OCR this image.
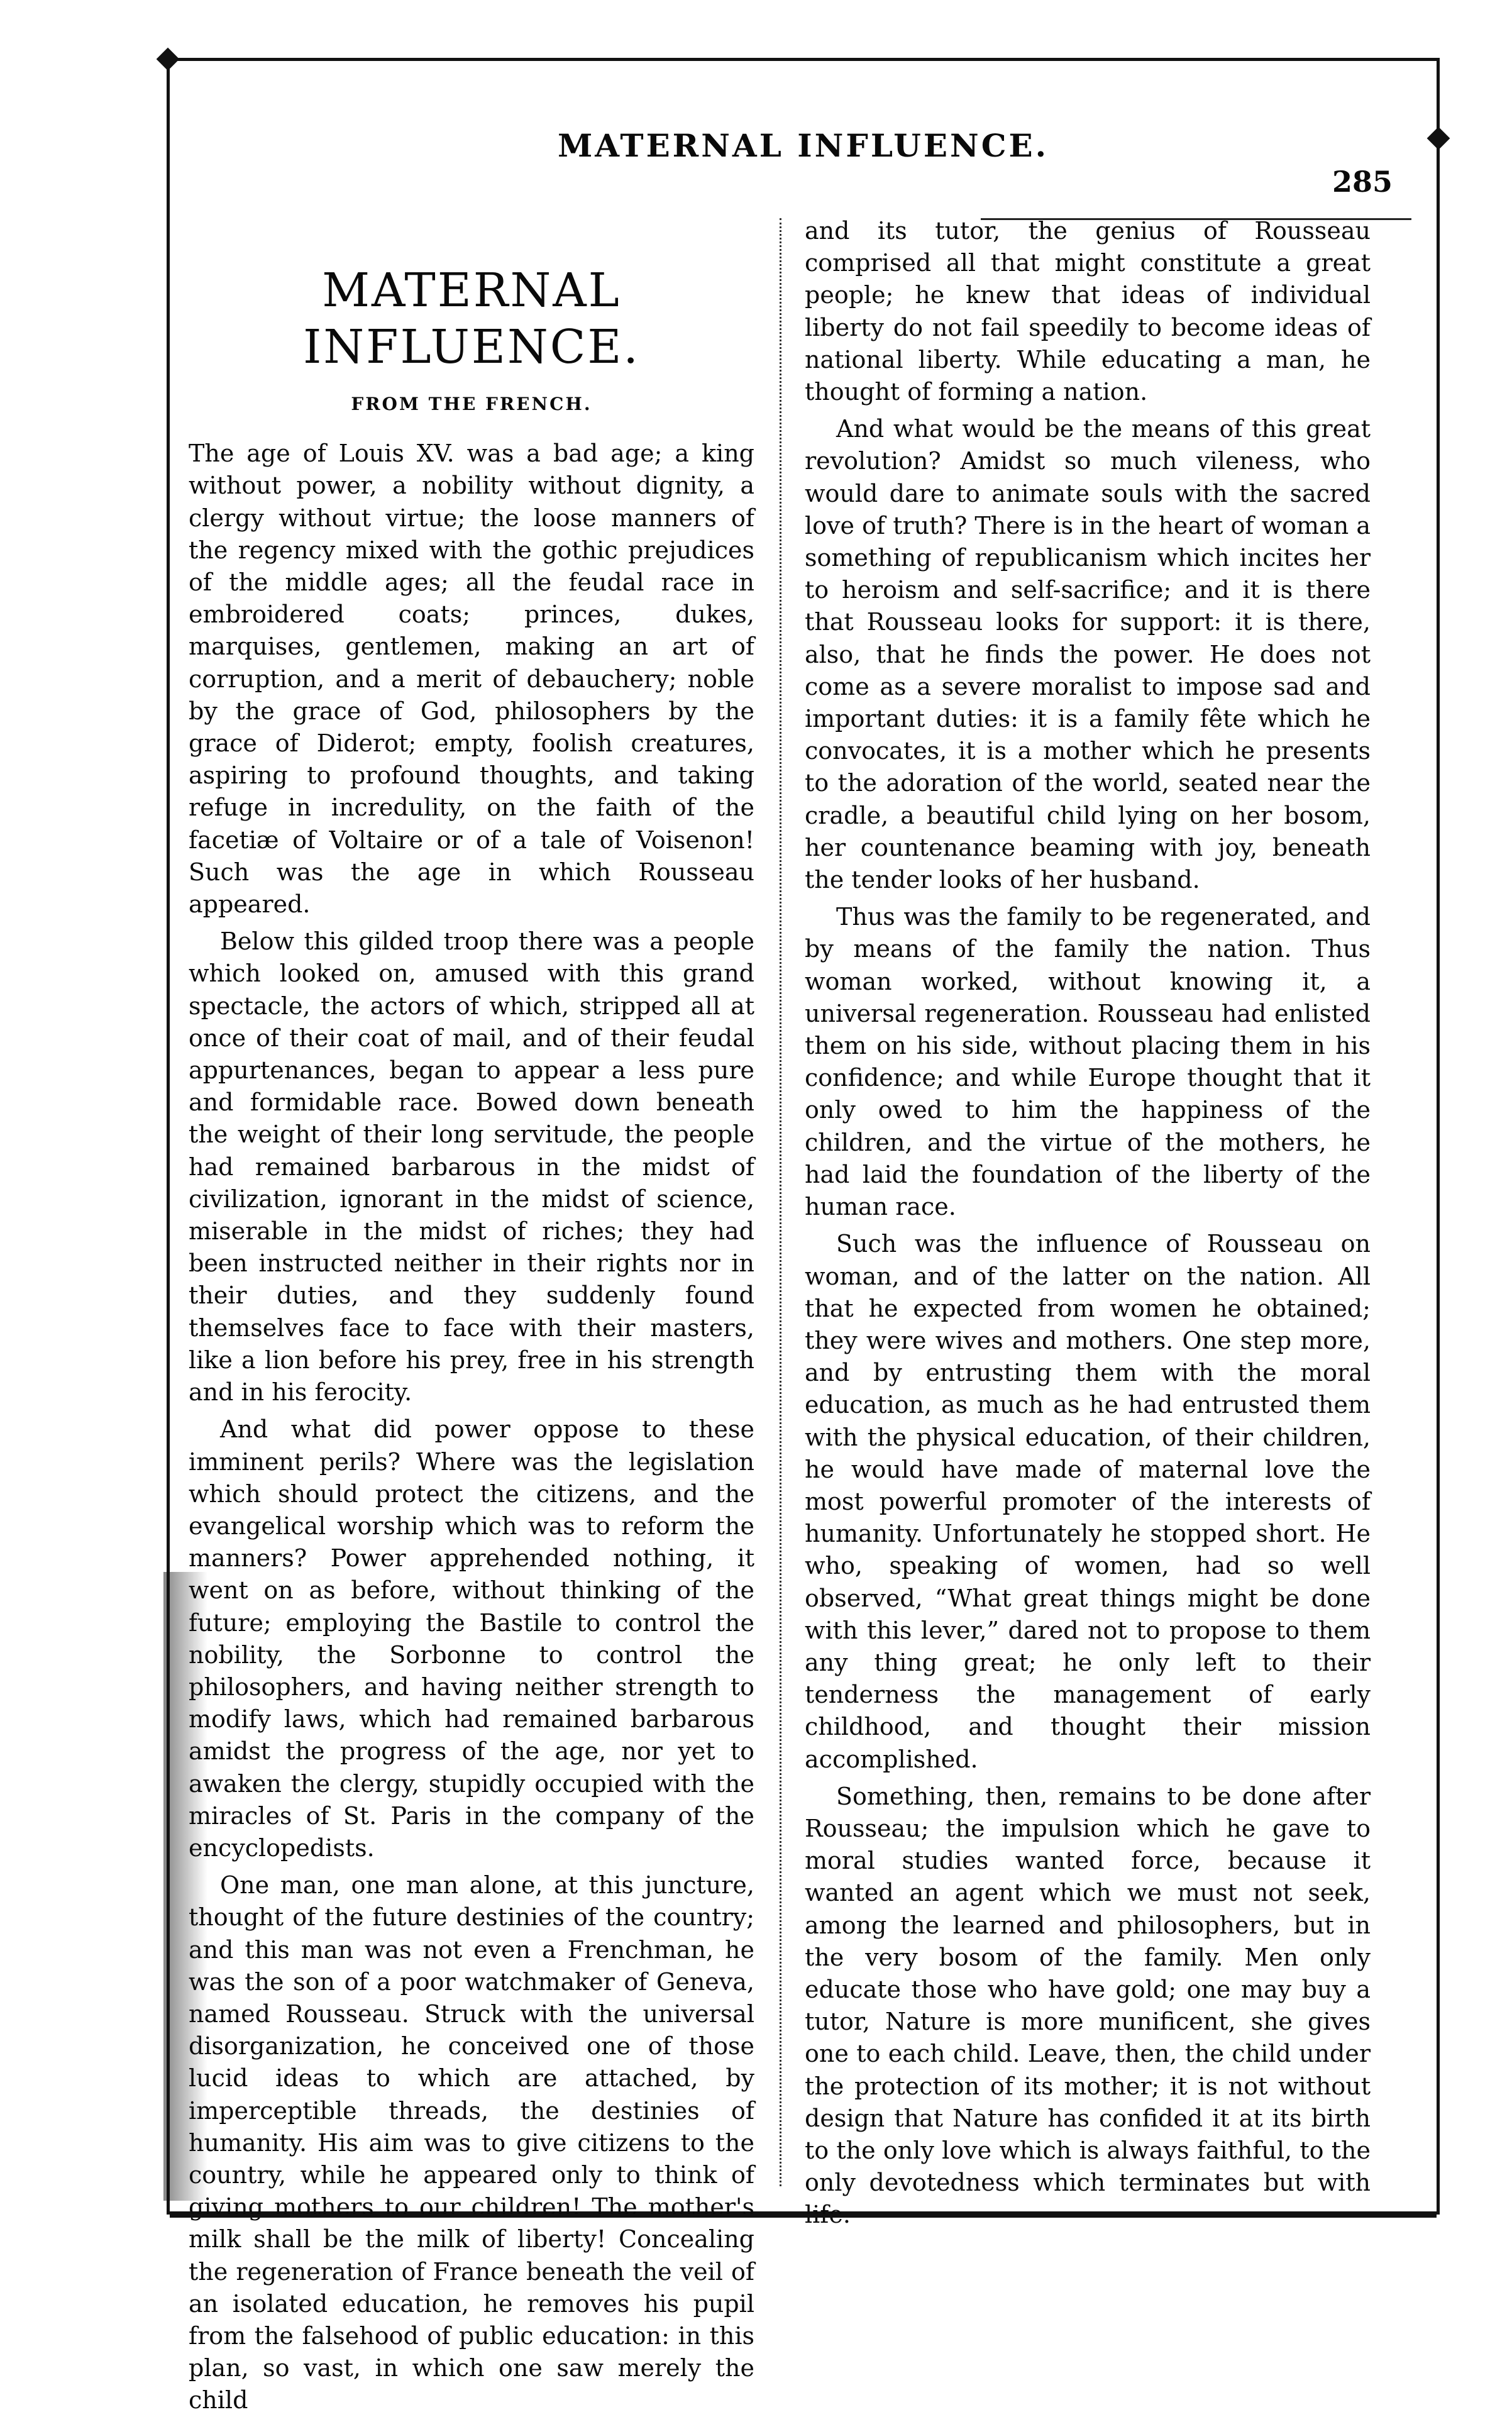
MATERNAL INFLUENCE.
285
MATERNAL INFLUENCE.
FROM THE FRENCH.

The age of Louis XV. was a bad age; a king without power, a nobility without dignity, a clergy without virtue; the loose manners of the regency mixed with the gothic prejudices of the middle ages; all the feudal race in embroidered coats; princes, dukes, marquises, gentlemen, making an art of corruption, and a merit of debauchery; noble by the grace of God, philosophers by the grace of Diderot; empty, foolish creatures, aspiring to profound thoughts, and taking refuge in incredulity, on the faith of the facetiæ of Voltaire or of a tale of Voisenon! Such was the age in which Rousseau appeared.

Below this gilded troop there was a people which looked on, amused with this grand spectacle, the actors of which, stripped all at once of their coat of mail, and of their feudal appurtenances, began to appear a less pure and formidable race. Bowed down beneath the weight of their long servitude, the people had remained barbarous in the midst of civilization, ignorant in the midst of science, miserable in the midst of riches; they had been instructed neither in their rights nor in their duties, and they suddenly found themselves face to face with their masters, like a lion before his prey, free in his strength and in his ferocity.

And what did power oppose to these imminent perils? Where was the legislation which should protect the citizens, and the evangelical worship which was to reform the manners? Power apprehended nothing, it went on as before, without thinking of the future; employing the Bastile to control the nobility, the Sorbonne to control the philosophers, and having neither strength to modify laws, which had remained barbarous amidst the progress of the age, nor yet to awaken the clergy, stupidly occupied with the miracles of St. Paris in the company of the encyclopedists.

One man, one man alone, at this juncture, thought of the future destinies of the country; and this man was not even a Frenchman, he was the son of a poor watchmaker of Geneva, named Rousseau. Struck with the universal disorganization, he conceived one of those lucid ideas to which are attached, by imperceptible threads, the destinies of humanity. His aim was to give citizens to the country, while he appeared only to think of giving mothers to our children! The mother's milk shall be the milk of liberty! Concealing the regeneration of France beneath the veil of an isolated education, he removes his pupil from the falsehood of public education: in this plan, so vast, in which one saw merely the child

and its tutor, the genius of Rousseau comprised all that might constitute a great people; he knew that ideas of individual liberty do not fail speedily to become ideas of national liberty. While educating a man, he thought of forming a nation.

And what would be the means of this great revolution? Amidst so much vileness, who would dare to animate souls with the sacred love of truth? There is in the heart of woman a something of republicanism which incites her to heroism and self-sacrifice; and it is there that Rousseau looks for support: it is there, also, that he finds the power. He does not come as a severe moralist to impose sad and important duties: it is a family fête which he convocates, it is a mother which he presents to the adoration of the world, seated near the cradle, a beautiful child lying on her bosom, her countenance beaming with joy, beneath the tender looks of her husband.

Thus was the family to be regenerated, and by means of the family the nation. Thus woman worked, without knowing it, a universal regeneration. Rousseau had enlisted them on his side, without placing them in his confidence; and while Europe thought that it only owed to him the happiness of the children, and the virtue of the mothers, he had laid the foundation of the liberty of the human race.

Such was the influence of Rousseau on woman, and of the latter on the nation. All that he expected from women he obtained; they were wives and mothers. One step more, and by entrusting them with the moral education, as much as he had entrusted them with the physical education, of their children, he would have made of maternal love the most powerful promoter of the interests of humanity. Unfortunately he stopped short. He who, speaking of women, had so well observed, “What great things might be done with this lever,” dared not to propose to them any thing great; he only left to their tenderness the management of early childhood, and thought their mission accomplished.

Something, then, remains to be done after Rousseau; the impulsion which he gave to moral studies wanted force, because it wanted an agent which we must not seek, among the learned and philosophers, but in the very bosom of the family. Men only educate those who have gold; one may buy a tutor, Nature is more munificent, she gives one to each child. Leave, then, the child under the protection of its mother; it is not without design that Nature has confided it at its birth to the only love which is always faithful, to the only devotedness which terminates but with life.
